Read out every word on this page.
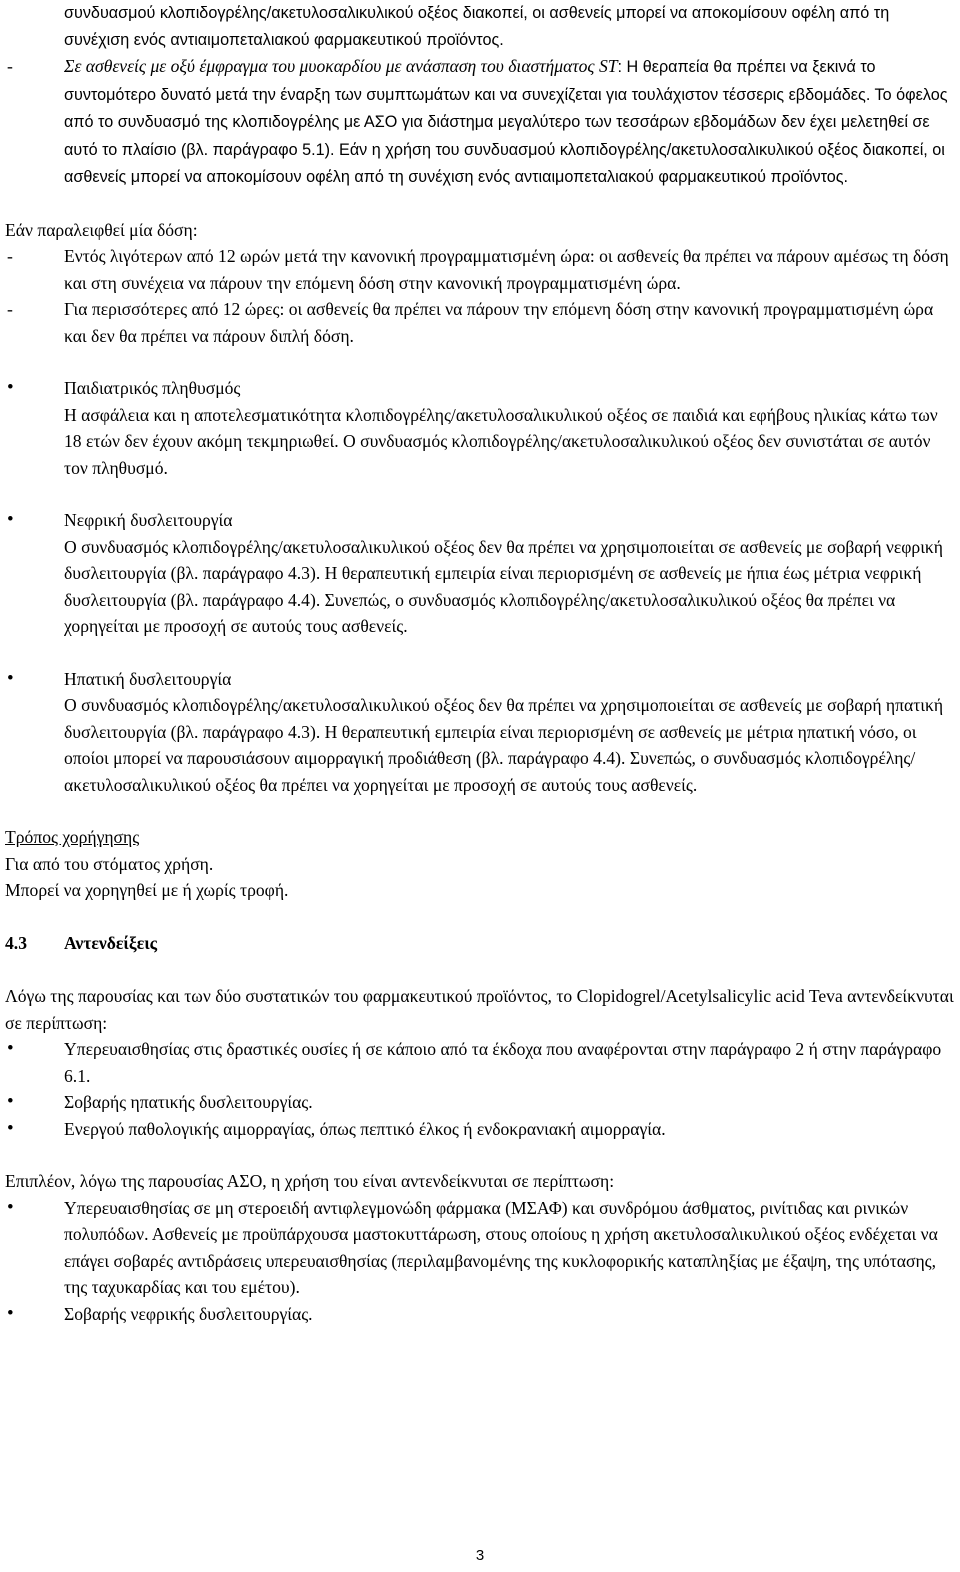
συνδυασμού κλοπιδογρέλης/ακετυλοσαλικυλικού οξέος διακοπεί, οι ασθενείς μπορεί να αποκομίσουν οφέλη από τη συνέχιση ενός αντιαιμοπεταλιακού φαρμακευτικού προϊόντος.

- Σε ασθενείς με οξύ έμφραγμα του μυοκαρδίου με ανάσπαση του διαστήματος ST: Η θεραπεία θα πρέπει να ξεκινά το συντομότερο δυνατό μετά την έναρξη των συμπτωμάτων και να συνεχίζεται για τουλάχιστον τέσσερις εβδομάδες. Το όφελος από το συνδυασμό της κλοπιδογρέλης με ΑΣΟ για διάστημα μεγαλύτερο των τεσσάρων εβδομάδων δεν έχει μελετηθεί σε αυτό το πλαίσιο (βλ. παράγραφο 5.1). Εάν η χρήση του συνδυασμού κλοπιδογρέλης/ακετυλοσαλικυλικού οξέος διακοπεί, οι ασθενείς μπορεί να αποκομίσουν οφέλη από τη συνέχιση ενός αντιαιμοπεταλιακού φαρμακευτικού προϊόντος.

Εάν παραλειφθεί μία δόση:

- Εντός λιγότερων από 12 ωρών μετά την κανονική προγραμματισμένη ώρα: οι ασθενείς θα πρέπει να πάρουν αμέσως τη δόση και στη συνέχεια να πάρουν την επόμενη δόση στην κανονική προγραμματισμένη ώρα.

- Για περισσότερες από 12 ώρες: οι ασθενείς θα πρέπει να πάρουν την επόμενη δόση στην κανονική προγραμματισμένη ώρα και δεν θα πρέπει να πάρουν διπλή δόση.

• Παιδιατρικός πληθυσμός

Η ασφάλεια και η αποτελεσματικότητα κλοπιδογρέλης/ακετυλοσαλικυλικού οξέος σε παιδιά και εφήβους ηλικίας κάτω των 18 ετών δεν έχουν ακόμη τεκμηριωθεί. Ο συνδυασμός κλοπιδογρέλης/ακετυλοσαλικυλικού οξέος δεν συνιστάται σε αυτόν τον πληθυσμό.

• Νεφρική δυσλειτουργία

Ο συνδυασμός κλοπιδογρέλης/ακετυλοσαλικυλικού οξέος δεν θα πρέπει να χρησιμοποιείται σε ασθενείς με σοβαρή νεφρική δυσλειτουργία (βλ. παράγραφο 4.3). Η θεραπευτική εμπειρία είναι περιορισμένη σε ασθενείς με ήπια έως μέτρια νεφρική δυσλειτουργία (βλ. παράγραφο 4.4). Συνεπώς, ο συνδυασμός κλοπιδογρέλης/ακετυλοσαλικυλικού οξέος θα πρέπει να χορηγείται με προσοχή σε αυτούς τους ασθενείς.

• Ηπατική δυσλειτουργία

Ο συνδυασμός κλοπιδογρέλης/ακετυλοσαλικυλικού οξέος δεν θα πρέπει να χρησιμοποιείται σε ασθενείς με σοβαρή ηπατική δυσλειτουργία (βλ. παράγραφο 4.3). Η θεραπευτική εμπειρία είναι περιορισμένη σε ασθενείς με μέτρια ηπατική νόσο, οι οποίοι μπορεί να παρουσιάσουν αιμορραγική προδιάθεση (βλ. παράγραφο 4.4). Συνεπώς, ο συνδυασμός κλοπιδογρέλης/ακετυλοσαλικυλικού οξέος θα πρέπει να χορηγείται με προσοχή σε αυτούς τους ασθενείς.

Τρόπος χορήγησης

Για από του στόματος χρήση.

Μπορεί να χορηγηθεί με ή χωρίς τροφή.

4.3 Αντενδείξεις

Λόγω της παρουσίας και των δύο συστατικών του φαρμακευτικού προϊόντος, το Clopidogrel/Acetylsalicylic acid Teva αντενδείκνυται σε περίπτωση:

• Υπερευαισθησίας στις δραστικές ουσίες ή σε κάποιο από τα έκδοχα που αναφέρονται στην παράγραφο 2 ή στην παράγραφο 6.1.

• Σοβαρής ηπατικής δυσλειτουργίας.

• Ενεργού παθολογικής αιμορραγίας, όπως πεπτικό έλκος ή ενδοκρανιακή αιμορραγία.

Επιπλέον, λόγω της παρουσίας ΑΣΟ, η χρήση του είναι αντενδείκνυται σε περίπτωση:

• Υπερευαισθησίας σε μη στεροειδή αντιφλεγμονώδη φάρμακα (ΜΣΑΦ) και συνδρόμου άσθματος, ρινίτιδας και ρινικών πολυπόδων. Ασθενείς με προϋπάρχουσα μαστοκυττάρωση, στους οποίους η χρήση ακετυλοσαλικυλικού οξέος ενδέχεται να επάγει σοβαρές αντιδράσεις υπερευαισθησίας (περιλαμβανομένης της κυκλοφορικής καταπληξίας με έξαψη, της υπότασης, της ταχυκαρδίας και του εμέτου).

• Σοβαρής νεφρικής δυσλειτουργίας.

3
